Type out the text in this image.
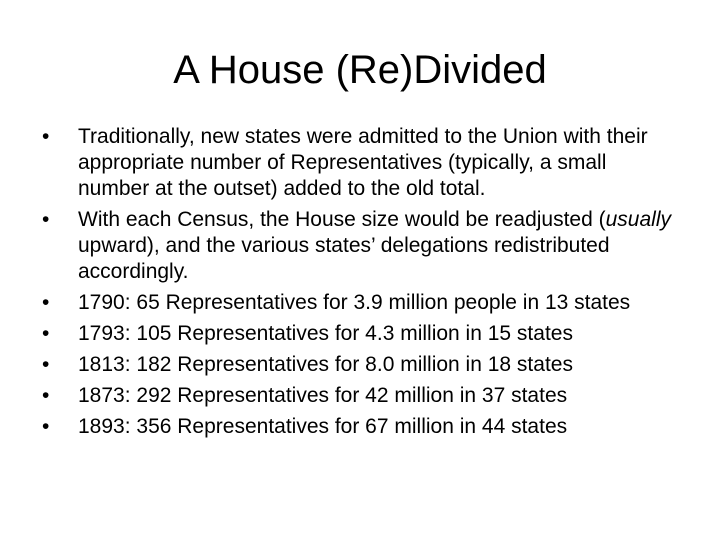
A House (Re)Divided
• Traditionally, new states were admitted to the Union with their appropriate number of Representatives (typically, a small number at the outset) added to the old total.
• With each Census, the House size would be readjusted (usually upward), and the various states’ delegations redistributed accordingly.
• 1790: 65 Representatives for 3.9 million people in 13 states
• 1793: 105 Representatives for 4.3 million in 15 states
• 1813: 182 Representatives for 8.0 million in 18 states
• 1873: 292 Representatives for 42 million in 37 states
• 1893: 356 Representatives for 67 million in 44 states
